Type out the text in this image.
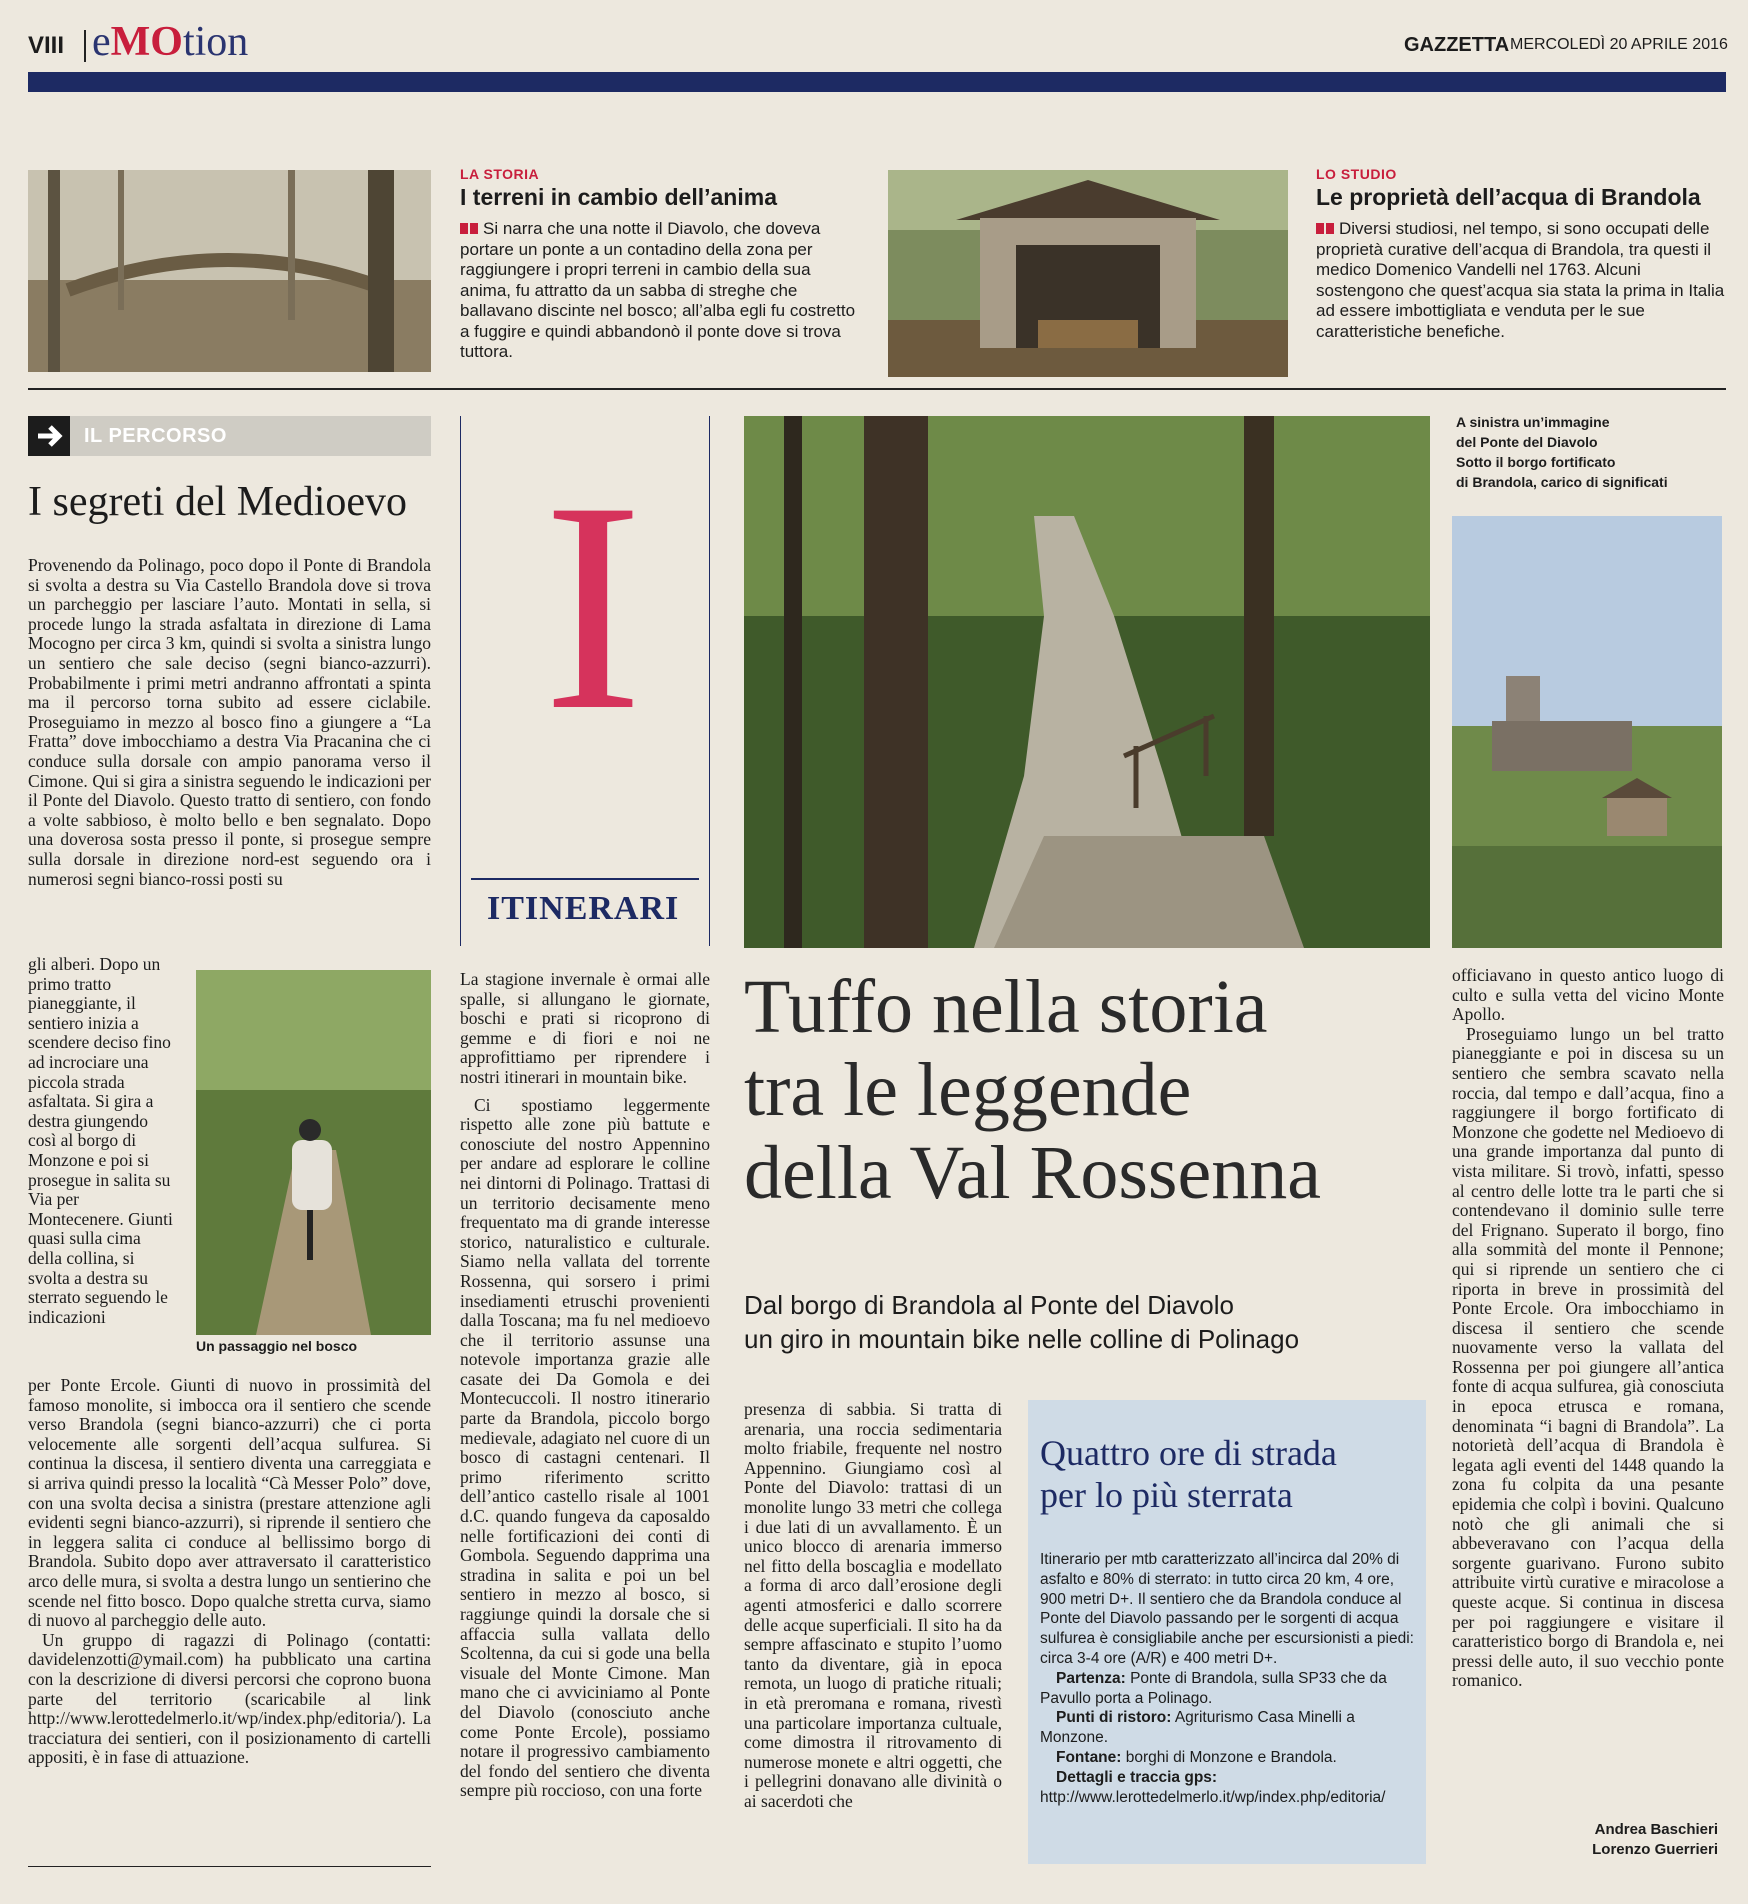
VIII eMOtion	GAZZETTA MERCOLEDÌ 20 APRILE 2016
LA STORIA
I terreni in cambio dell’anima
Si narra che una notte il Diavolo, che doveva portare un ponte a un contadino della zona per raggiungere i propri terreni in cambio della sua anima, fu attratto da un sabba di streghe che ballavano discinte nel bosco; all’alba egli fu costretto a fuggire e quindi abbandonò il ponte dove si trova tuttora.
LO STUDIO
Le proprietà dell’acqua di Brandola
Diversi studiosi, nel tempo, si sono occupati delle proprietà curative dell’acqua di Brandola, tra questi il medico Domenico Vandelli nel 1763. Alcuni sostengono che quest’acqua sia stata la prima in Italia ad essere imbottigliata e venduta per le sue caratteristiche benefiche.
IL PERCORSO
I segreti del Medioevo

Provenendo da Polinago, poco dopo il Ponte di Brandola si svolta a destra su Via Castello Brandola dove si trova un parcheggio per lasciare l’auto. Montati in sella, si procede lungo la strada asfaltata in direzione di Lama Mocogno per circa 3 km, quindi si svolta a sinistra lungo un sentiero che sale deciso (segni bianco-azzurri). Probabilmente i primi metri andranno affrontati a spinta ma il percorso torna subito ad essere ciclabile. Proseguiamo in mezzo al bosco fino a giungere a “La Fratta” dove imbocchiamo a destra Via Pracanina che ci conduce sulla dorsale con ampio panorama verso il Cimone. Qui si gira a sinistra seguendo le indicazioni per il Ponte del Diavolo. Questo tratto di sentiero, con fondo a volte sabbioso, è molto bello e ben segnalato. Dopo una doverosa sosta presso il ponte, si prosegue sempre sulla dorsale in direzione nord-est seguendo ora i numerosi segni bianco-rossi posti su

gli alberi. Dopo un primo tratto pianeggiante, il sentiero inizia a scendere deciso fino ad incrociare una piccola strada asfaltata. Si gira a destra giungendo così al borgo di Monzone e poi si prosegue in salita su Via per Montecenere. Giunti quasi sulla cima della collina, si svolta a destra su sterrato seguendo le indicazioni

Un passaggio nel bosco

per Ponte Ercole. Giunti di nuovo in prossimità del famoso monolite, si imbocca ora il sentiero che scende verso Brandola (segni bianco-azzurri) che ci porta velocemente alle sorgenti dell’acqua sulfurea. Si continua la discesa, il sentiero diventa una carreggiata e si arriva quindi presso la località “Cà Messer Polo” dove, con una svolta decisa a sinistra (prestare attenzione agli evidenti segni bianco-azzurri), si riprende il sentiero che in leggera salita ci conduce al bellissimo borgo di Brandola. Subito dopo aver attraversato il caratteristico arco delle mura, si svolta a destra lungo un sentierino che scende nel fitto bosco. Dopo qualche stretta curva, siamo di nuovo al parcheggio delle auto.

Un gruppo di ragazzi di Polinago (contatti: davidelenzotti@ymail.com) ha pubblicato una cartina con la descrizione di diversi percorsi che coprono buona parte del territorio (scaricabile al link http://www.lerottedelmerlo.it/wp/index.php/editoria/). La tracciatura dei sentieri, con il posizionamento di cartelli appositi, è in fase di attuazione.

I
ITINERARI

La stagione invernale è ormai alle spalle, si allungano le giornate, boschi e prati si ricoprono di gemme e di fiori e noi ne approfittiamo per riprendere i nostri itinerari in mountain bike.

Ci spostiamo leggermente rispetto alle zone più battute e conosciute del nostro Appennino per andare ad esplorare le colline nei dintorni di Polinago. Trattasi di un territorio decisamente meno frequentato ma di grande interesse storico, naturalistico e culturale. Siamo nella vallata del torrente Rossenna, qui sorsero i primi insediamenti etruschi provenienti dalla Toscana; ma fu nel medioevo che il territorio assunse una notevole importanza grazie alle casate dei Da Gomola e dei Montecuccoli. Il nostro itinerario parte da Brandola, piccolo borgo medievale, adagiato nel cuore di un bosco di castagni centenari. Il primo riferimento scritto dell’antico castello risale al 1001 d.C. quando fungeva da caposaldo nelle fortificazioni dei conti di Gombola. Seguendo dapprima una stradina in salita e poi un bel sentiero in mezzo al bosco, si raggiunge quindi la dorsale che si affaccia sulla vallata dello Scoltenna, da cui si gode una bella visuale del Monte Cimone. Man mano che ci avviciniamo al Ponte del Diavolo (conosciuto anche come Ponte Ercole), possiamo notare il progressivo cambiamento del fondo del sentiero che diventa sempre più roccioso, con una forte

A sinistra un’immagine
del Ponte del Diavolo
Sotto il borgo fortificato
di Brandola, carico di significati
Tuffo nella storia
tra le leggende
della Val Rossenna
Dal borgo di Brandola al Ponte del Diavolo
un giro in mountain bike nelle colline di Polinago

presenza di sabbia. Si tratta di arenaria, una roccia sedimentaria molto friabile, frequente nel nostro Appennino. Giungiamo così al Ponte del Diavolo: trattasi di un monolite lungo 33 metri che collega i due lati di un avvallamento. È un unico blocco di arenaria immerso nel fitto della boscaglia e modellato a forma di arco dall’erosione degli agenti atmosferici e dallo scorrere delle acque superficiali. Il sito ha da sempre affascinato e stupito l’uomo tanto da diventare, già in epoca remota, un luogo di pratiche rituali; in età preromana e romana, rivestì una particolare importanza cultuale, come dimostra il ritrovamento di numerose monete e altri oggetti, che i pellegrini donavano alle divinità o ai sacerdoti che

Quattro ore di strada
per lo più sterrata
Itinerario per mtb caratterizzato all’incirca dal 20% di asfalto e 80% di sterrato: in tutto circa 20 km, 4 ore, 900 metri D+. Il sentiero che da Brandola conduce al Ponte del Diavolo passando per le sorgenti di acqua sulfurea è consigliabile anche per escursionisti a piedi: circa 3-4 ore (A/R) e 400 metri D+.
Partenza: Ponte di Brandola, sulla SP33 che da Pavullo porta a Polinago.
Punti di ristoro: Agriturismo Casa Minelli a Monzone.
Fontane: borghi di Monzone e Brandola.
Dettagli e traccia gps: http://www.lerottedelmerlo.it/wp/index.php/editoria/

officiavano in questo antico luogo di culto e sulla vetta del vicino Monte Apollo.

Proseguiamo lungo un bel tratto pianeggiante e poi in discesa su un sentiero che sembra scavato nella roccia, dal tempo e dall’acqua, fino a raggiungere il borgo fortificato di Monzone che godette nel Medioevo di una grande importanza dal punto di vista militare. Si trovò, infatti, spesso al centro delle lotte tra le parti che si contendevano il dominio sulle terre del Frignano. Superato il borgo, fino alla sommità del monte il Pennone; qui si riprende un sentiero che ci riporta in breve in prossimità del Ponte Ercole. Ora imbocchiamo in discesa il sentiero che scende nuovamente verso la vallata del Rossenna per poi giungere all’antica fonte di acqua sulfurea, già conosciuta in epoca etrusca e romana, denominata “i bagni di Brandola”. La notorietà dell’acqua di Brandola è legata agli eventi del 1448 quando la zona fu colpita da una pesante epidemia che colpì i bovini. Qualcuno notò che gli animali che si abbeveravano con l’acqua della sorgente guarivano. Furono subito attribuite virtù curative e miracolose a queste acque. Si continua in discesa per poi raggiungere e visitare il caratteristico borgo di Brandola e, nei pressi delle auto, il suo vecchio ponte romanico.

Andrea Baschieri
Lorenzo Guerrieri
